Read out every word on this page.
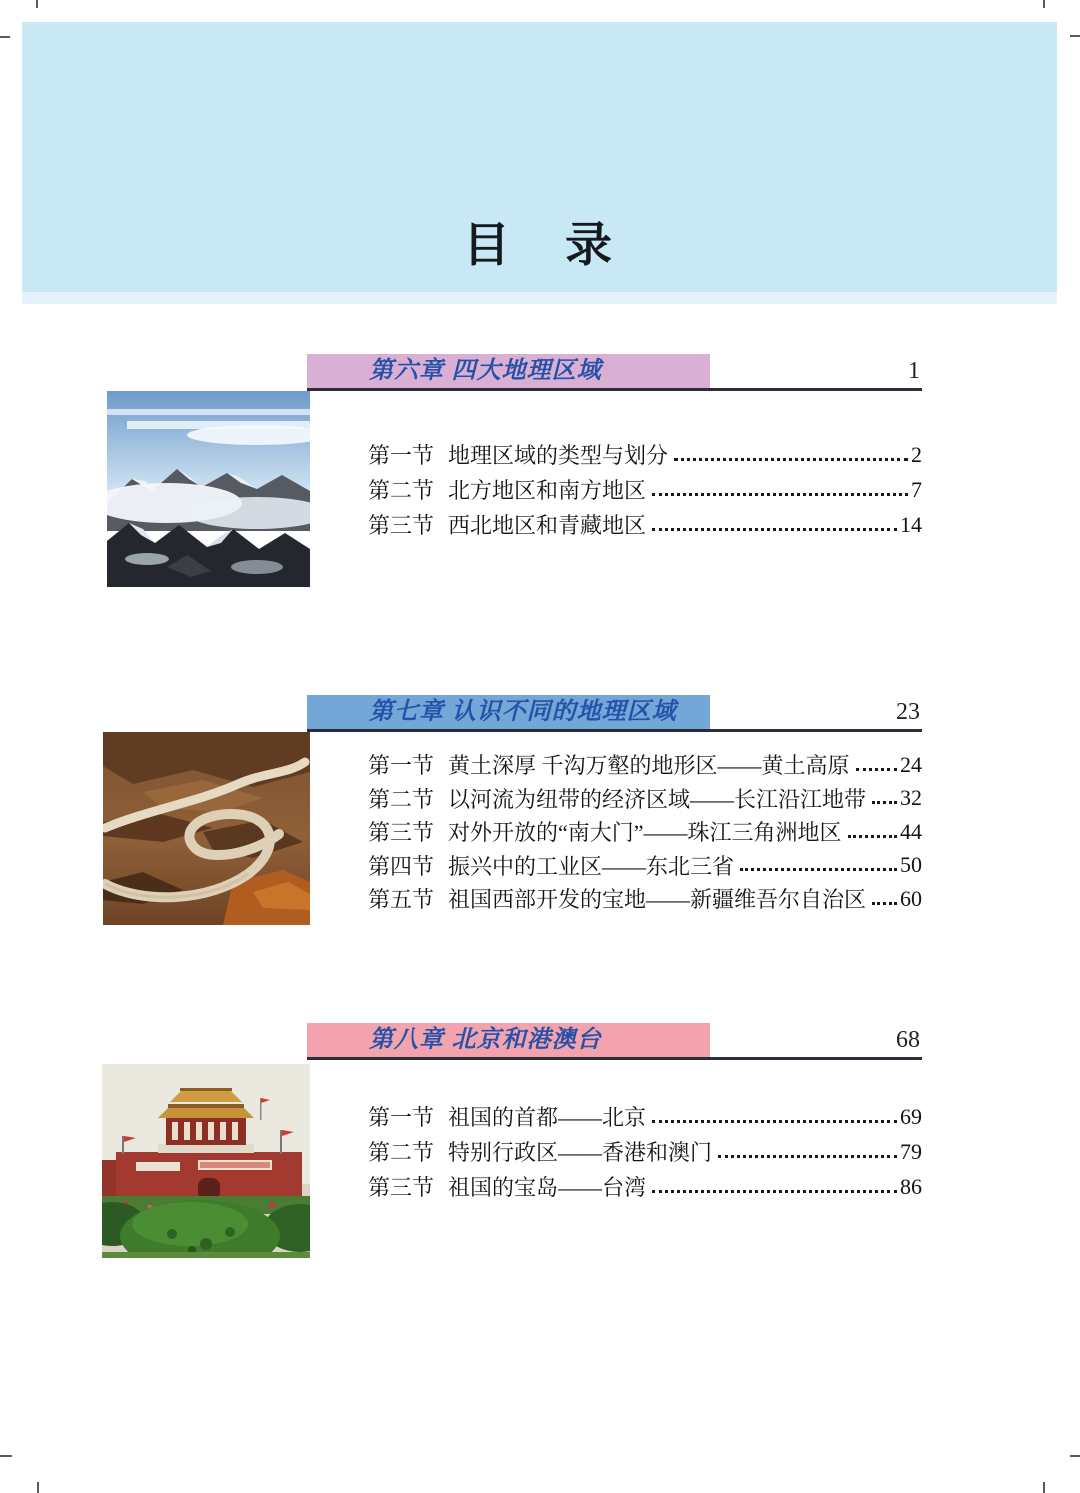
目　录
第六章 四大地理区域	1
第一节 地理区域的类型与划分	2
第二节 北方地区和南方地区	7
第三节 西北地区和青藏地区	14
第七章 认识不同的地理区域	23
第一节 黄土深厚 千沟万壑的地形区——黄土高原 24
第二节 以河流为纽带的经济区域——长江沿江地带 32
第三节 对外开放的“南大门”——珠江三角洲地区	44
第四节 振兴中的工业区——东北三省	50
第五节 祖国西部开发的宝地——新疆维吾尔自治区 60
第八章 北京和港澳台	68
第一节 祖国的首都——北京	69
第二节 特别行政区——香港和澳门	79
第三节 祖国的宝岛——台湾	86
